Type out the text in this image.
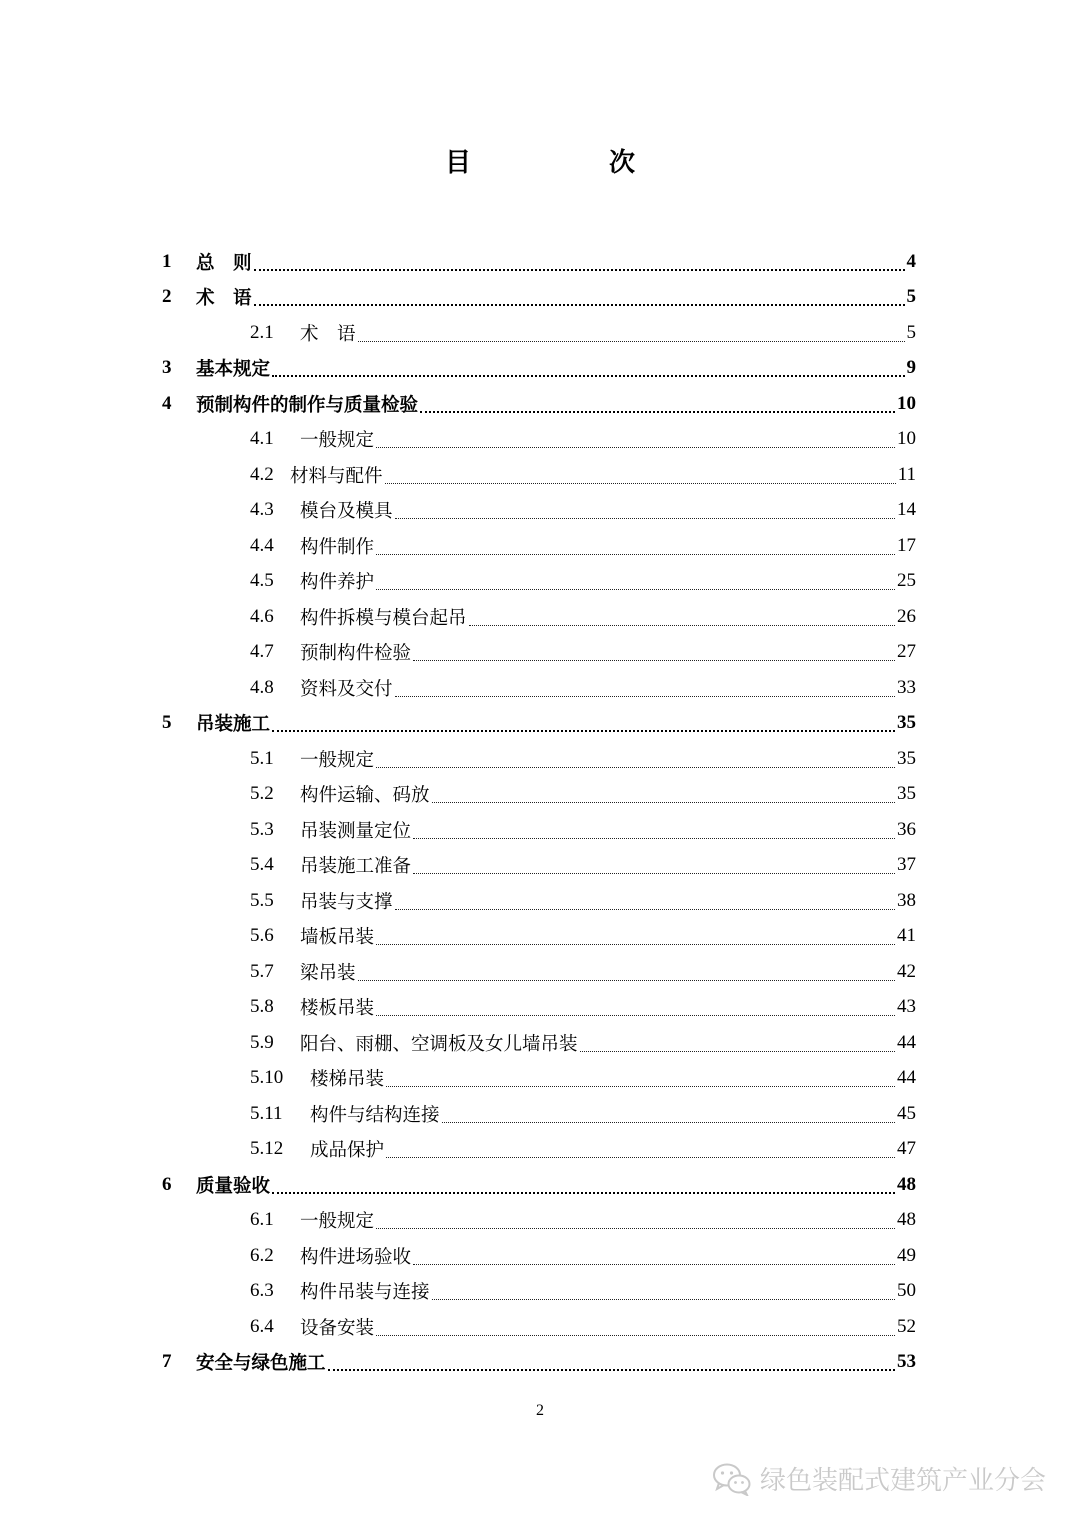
目　次
1	总　则	4
2	术　语	5
2.1	术　语	5
3	基本规定	9
4	预制构件的制作与质量检验	10
4.1	一般规定	10
4.2 材料与配件	11
4.3	模台及模具	14
4.4	构件制作	17
4.5	构件养护	25
4.6	构件拆模与模台起吊	26
4.7	预制构件检验	27
4.8	资料及交付	33
5	吊装施工	35
5.1	一般规定	35
5.2	构件运输、码放	35
5.3	吊装测量定位	36
5.4	吊装施工准备	37
5.5	吊装与支撑	38
5.6	墙板吊装	41
5.7	梁吊装	42
5.8	楼板吊装	43
5.9	阳台、雨棚、空调板及女儿墙吊装	44
5.10	楼梯吊装	44
5.11	构件与结构连接	45
5.12	成品保护	47
6	质量验收	48
6.1	一般规定	48
6.2	构件进场验收	49
6.3	构件吊装与连接	50
6.4	设备安装	52
7	安全与绿色施工	53
2
绿色装配式建筑产业分会
